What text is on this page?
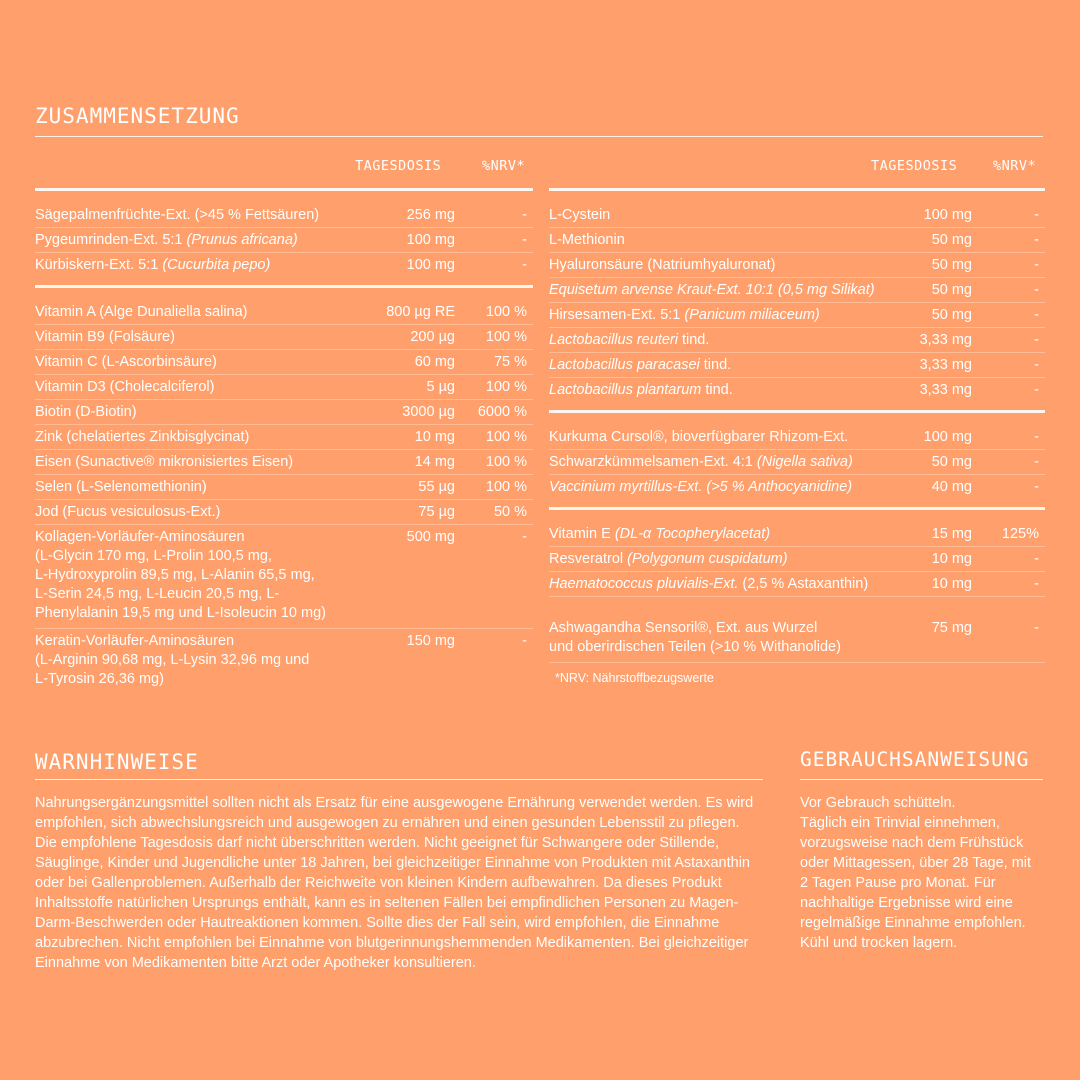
ZUSAMMENSETZUNG
TAGESDOSIS	%NRV*
Sägepalmenfrüchte-Ext. (>45 % Fettsäuren)	256 mg	-
Pygeumrinden-Ext. 5:1 (Prunus africana)	100 mg	-
Kürbiskern-Ext. 5:1 (Cucurbita pepo)	100 mg	-
Vitamin A (Alge Dunaliella salina)	800 µg RE 100 %
Vitamin B9 (Folsäure)	200 µg 100 %
Vitamin C (L-Ascorbinsäure)	60 mg	75 %
Vitamin D3 (Cholecalciferol)	5 µg 100 %
Biotin (D-Biotin)	3000 µg 6000 %
Zink (chelatiertes Zinkbisglycinat)	10 mg 100 %
Eisen (Sunactive® mikronisiertes Eisen)	14 mg 100 %
Selen (L-Selenomethionin)	55 µg 100 %
Jod (Fucus vesiculosus-Ext.)	75 µg	50 %
Kollagen-Vorläufer-Aminosäuren
(L-Glycin 170 mg, L-Prolin 100,5 mg,
L-Hydroxyprolin 89,5 mg, L-Alanin 65,5 mg,
L-Serin 24,5 mg, L-Leucin 20,5 mg, L-
Phenylalanin 19,5 mg und L-Isoleucin 10 mg)
500 mg	-
Keratin-Vorläufer-Aminosäuren
(L-Arginin 90,68 mg, L-Lysin 32,96 mg und
L-Tyrosin 26,36 mg)
150 mg	-
TAGESDOSIS	%NRV*
L-Cystein	100 mg	-
L-Methionin	50 mg	-
Hyaluronsäure (Natriumhyaluronat)	50 mg	-
Equisetum arvense Kraut-Ext. 10:1 (0,5 mg Silikat)	50 mg	-
Hirsesamen-Ext. 5:1 (Panicum miliaceum)	50 mg	-
Lactobacillus reuteri tind.	3,33 mg	-
Lactobacillus paracasei tind.	3,33 mg	-
Lactobacillus plantarum tind.	3,33 mg	-
Kurkuma Cursol®, bioverfügbarer Rhizom-Ext.	100 mg	-
Schwarzkümmelsamen-Ext. 4:1 (Nigella sativa)	50 mg	-
Vaccinium myrtillus-Ext. (>5 % Anthocyanidine)	40 mg	-
Vitamin E (DL-α Tocopherylacetat)	15 mg 125%
Resveratrol (Polygonum cuspidatum)	10 mg	-
Haematococcus pluvialis-Ext. (2,5 % Astaxanthin)	10 mg	-
Ashwagandha Sensoril®, Ext. aus Wurzel
und oberirdischen Teilen (>10 % Withanolide)
75 mg	-
*NRV: Nährstoffbezugswerte
WARNHINWEISE
Nahrungsergänzungsmittel sollten nicht als Ersatz für eine ausgewogene Ernährung verwendet werden. Es wird empfohlen, sich abwechslungsreich und ausgewogen zu ernähren und einen gesunden Lebensstil zu pflegen. Die empfohlene Tagesdosis darf nicht überschritten werden. Nicht geeignet für Schwangere oder Stillende, Säuglinge, Kinder und Jugendliche unter 18 Jahren, bei gleichzeitiger Einnahme von Produkten mit Astaxanthin oder bei Gallenproblemen. Außerhalb der Reichweite von kleinen Kindern aufbewahren. Da dieses Produkt Inhaltsstoffe natürlichen Ursprungs enthält, kann es in seltenen Fällen bei empfindlichen Personen zu Magen-Darm-Beschwerden oder Hautreaktionen kommen. Sollte dies der Fall sein, wird empfohlen, die Einnahme abzubrechen. Nicht empfohlen bei Einnahme von blutgerinnungshemmenden Medikamenten. Bei gleichzeitiger Einnahme von Medikamenten bitte Arzt oder Apotheker konsultieren.
GEBRAUCHSANWEISUNG
Vor Gebrauch schütteln.
Täglich ein Trinvial einnehmen, vorzugsweise nach dem Frühstück oder Mittagessen, über 28 Tage, mit 2 Tagen Pause pro Monat. Für nachhaltige Ergebnisse wird eine regelmäßige Einnahme empfohlen. Kühl und trocken lagern.
